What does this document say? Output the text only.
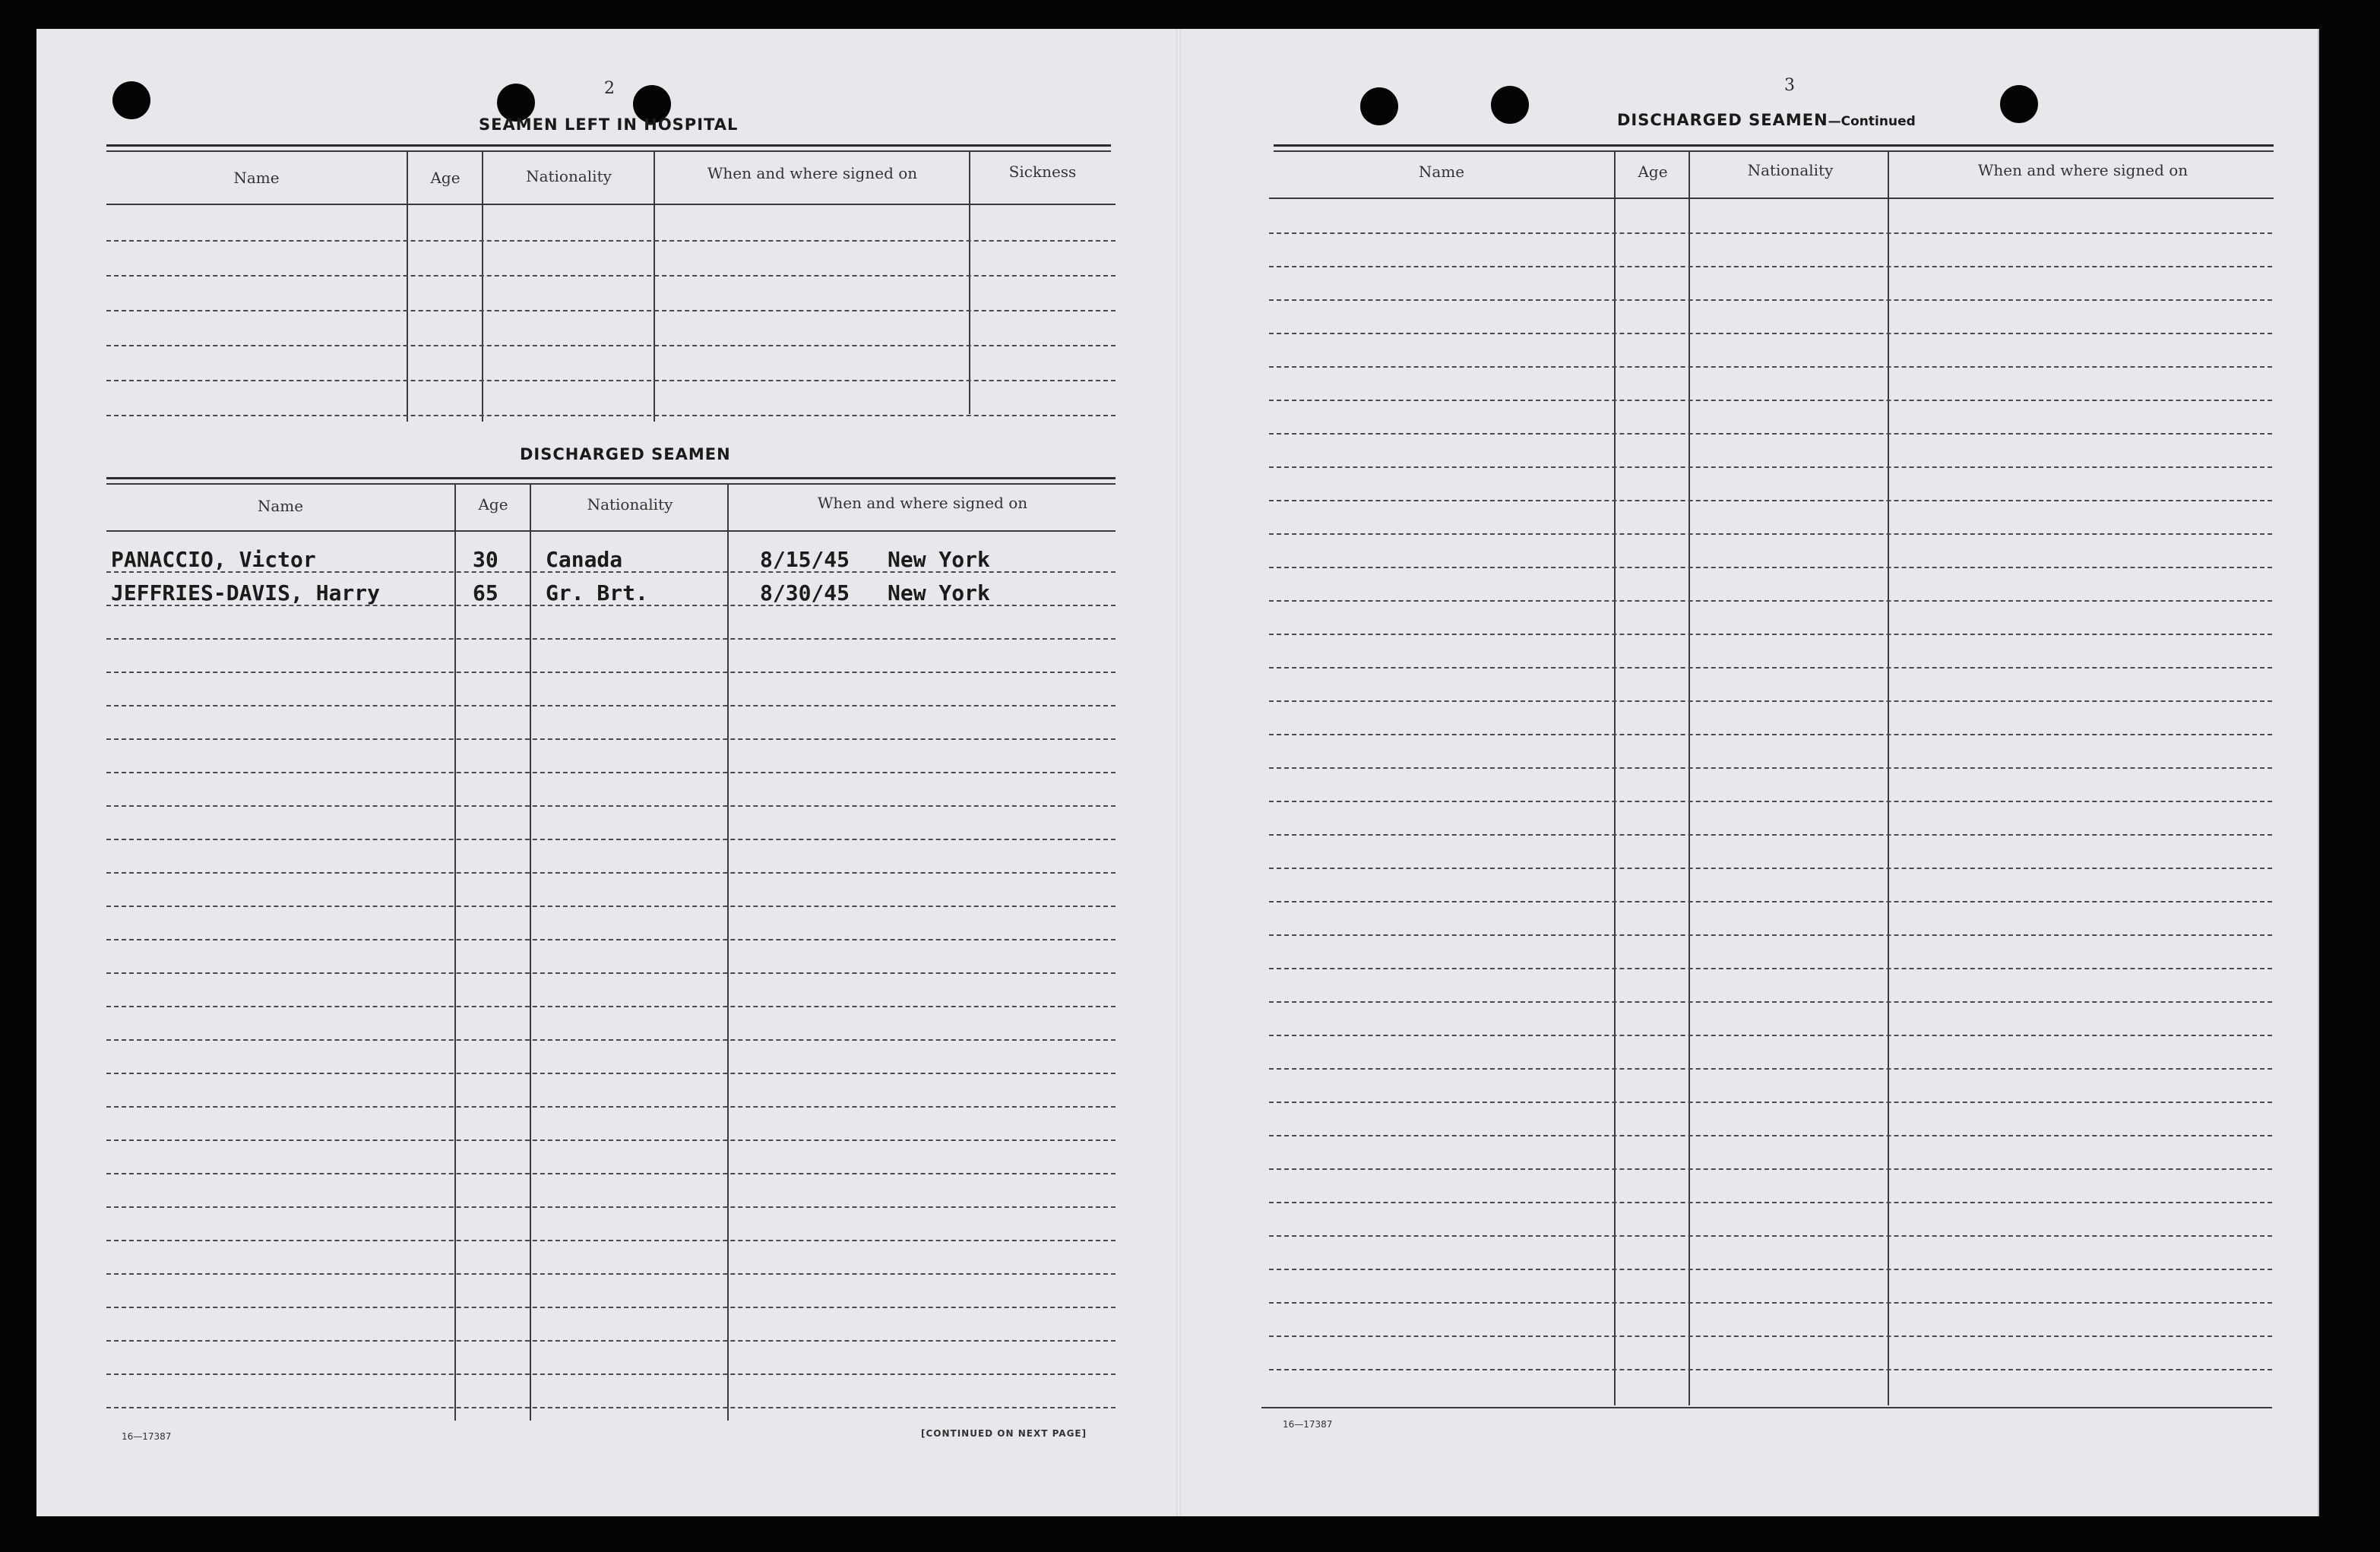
2
SEAMEN LEFT IN HOSPITAL
Name	Age	Nationality	When and where signed on	Sickness
DISCHARGED SEAMEN
Name	Age	Nationality	When and where signed on
PANACCIO, Victor	30 Canada	8/15/45 New York
JEFFRIES-DAVIS, Harry	65 Gr. Brt.	8/30/45 New York
16—17387	[CONTINUED ON NEXT PAGE]
3
DISCHARGED SEAMEN—Continued
Name	Age	Nationality	When and where signed on
16—17387
